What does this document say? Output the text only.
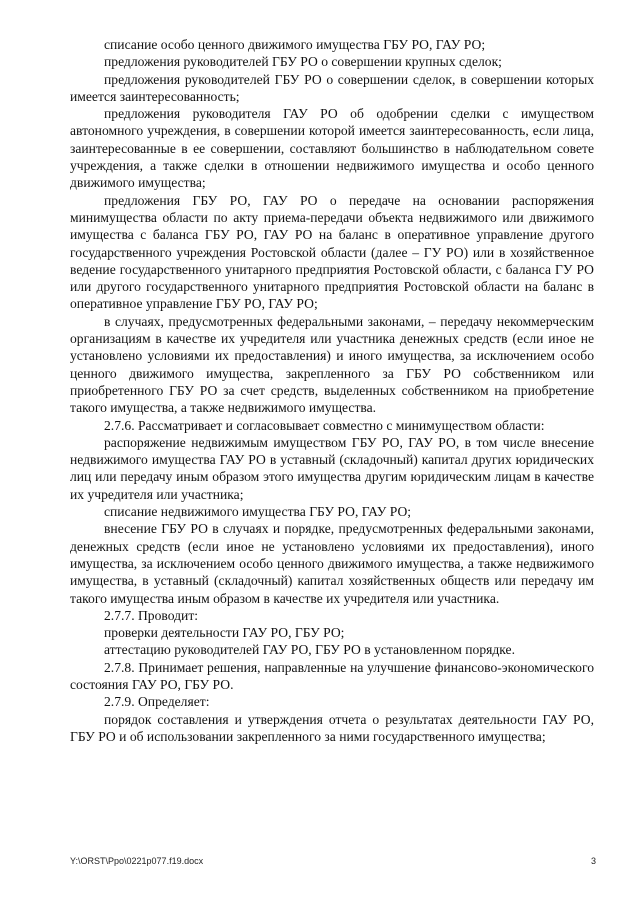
списание особо ценного движимого имущества ГБУ РО, ГАУ РО;

предложения руководителей ГБУ РО о совершении крупных сделок;

предложения руководителей ГБУ РО о совершении сделок, в совершении которых имеется заинтересованность;

предложения руководителя ГАУ РО об одобрении сделки с имуществом автономного учреждения, в совершении которой имеется заинтересованность, если лица, заинтересованные в ее совершении, составляют большинство в наблюдательном совете учреждения, а также сделки в отношении недвижимого имущества и особо ценного движимого имущества;

предложения ГБУ РО, ГАУ РО о передаче на основании распоряжения минимущества области по акту приема-передачи объекта недвижимого или движимого имущества с баланса ГБУ РО, ГАУ РО на баланс в оперативное управление другого государственного учреждения Ростовской области (далее – ГУ РО) или в хозяйственное ведение государственного унитарного предприятия Ростовской области, с баланса ГУ РО или другого государственного унитарного предприятия Ростовской области на баланс в оперативное управление ГБУ РО, ГАУ РО;

в случаях, предусмотренных федеральными законами, – передачу некоммерческим организациям в качестве их учредителя или участника денежных средств (если иное не установлено условиями их предоставления) и иного имущества, за исключением особо ценного движимого имущества, закрепленного за ГБУ РО собственником или приобретенного ГБУ РО за счет средств, выделенных собственником на приобретение такого имущества, а также недвижимого имущества.

2.7.6. Рассматривает и согласовывает совместно с минимуществом области:

распоряжение недвижимым имуществом ГБУ РО, ГАУ РО, в том числе внесение недвижимого имущества ГАУ РО в уставный (складочный) капитал других юридических лиц или передачу иным образом этого имущества другим юридическим лицам в качестве их учредителя или участника;

списание недвижимого имущества ГБУ РО, ГАУ РО;

внесение ГБУ РО в случаях и порядке, предусмотренных федеральными законами, денежных средств (если иное не установлено условиями их предоставления), иного имущества, за исключением особо ценного движимого имущества, а также недвижимого имущества, в уставный (складочный) капитал хозяйственных обществ или передачу им такого имущества иным образом в качестве их учредителя или участника.

2.7.7. Проводит:

проверки деятельности ГАУ РО, ГБУ РО;

аттестацию руководителей ГАУ РО, ГБУ РО в установленном порядке.

2.7.8. Принимает решения, направленные на улучшение финансово-экономического состояния ГАУ РО, ГБУ РО.

2.7.9. Определяет:

порядок составления и утверждения отчета о результатах деятельности ГАУ РО, ГБУ РО и об использовании закрепленного за ними государственного имущества;

Y:\ORST\Ppo\0221p077.f19.docx	3
